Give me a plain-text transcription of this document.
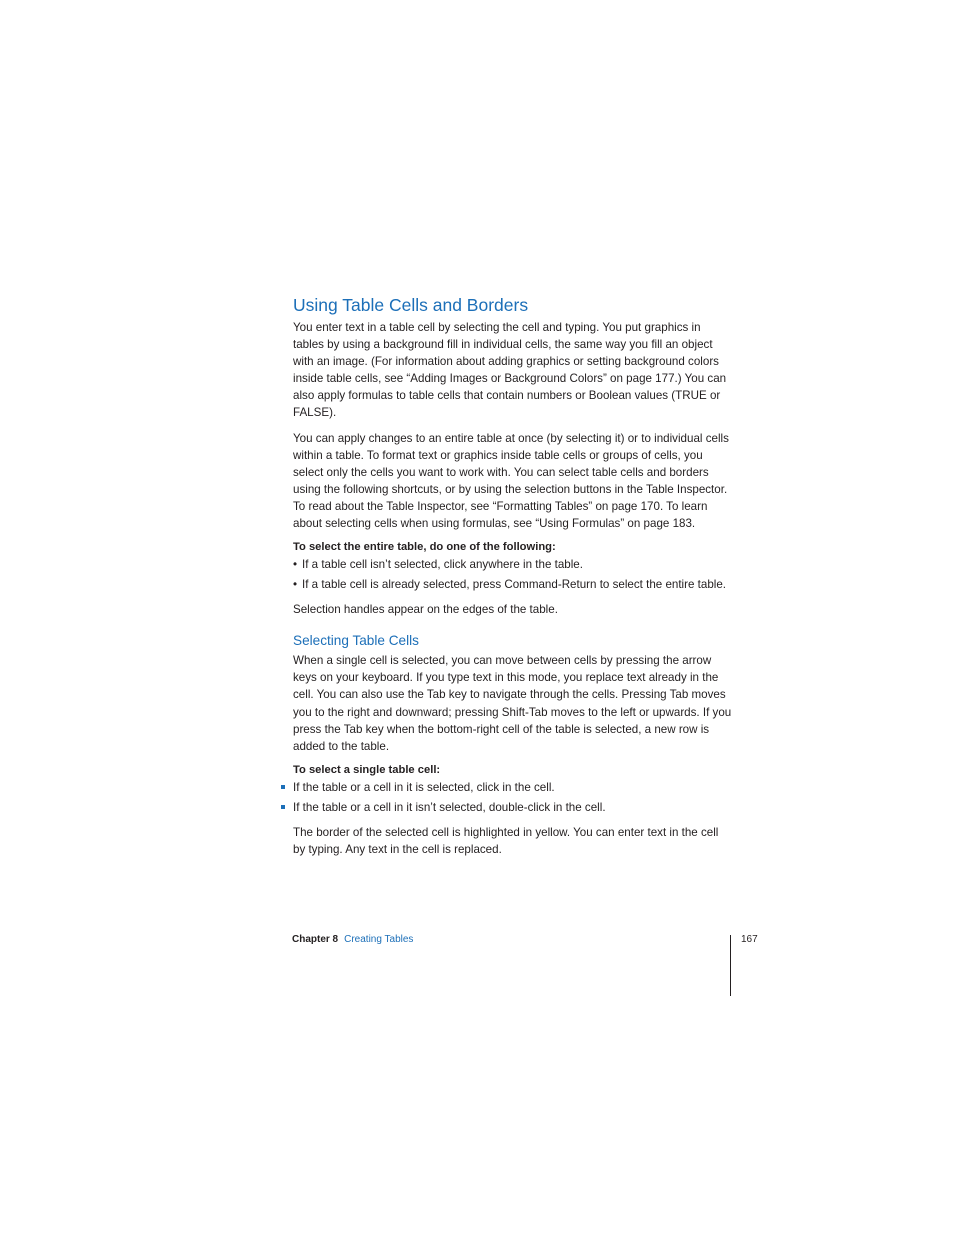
Using Table Cells and Borders

You enter text in a table cell by selecting the cell and typing. You put graphics in tables by using a background fill in individual cells, the same way you fill an object with an image. (For information about adding graphics or setting background colors inside table cells, see “Adding Images or Background Colors” on page 177.) You can also apply formulas to table cells that contain numbers or Boolean values (TRUE or FALSE).

You can apply changes to an entire table at once (by selecting it) or to individual cells within a table. To format text or graphics inside table cells or groups of cells, you select only the cells you want to work with. You can select table cells and borders using the following shortcuts, or by using the selection buttons in the Table Inspector. To read about the Table Inspector, see “Formatting Tables” on page 170. To learn about selecting cells when using formulas, see “Using Formulas” on page 183.

To select the entire table, do one of the following:

• If a table cell isn’t selected, click anywhere in the table.
• If a table cell is already selected, press Command-Return to select the entire table.

Selection handles appear on the edges of the table.

Selecting Table Cells

When a single cell is selected, you can move between cells by pressing the arrow keys on your keyboard. If you type text in this mode, you replace text already in the cell. You can also use the Tab key to navigate through the cells. Pressing Tab moves you to the right and downward; pressing Shift-Tab moves to the left or upwards. If you press the Tab key when the bottom-right cell of the table is selected, a new row is added to the table.

To select a single table cell:

If the table or a cell in it is selected, click in the cell.
If the table or a cell in it isn’t selected, double-click in the cell.

The border of the selected cell is highlighted in yellow. You can enter text in the cell by typing. Any text in the cell is replaced.

Chapter 8 Creating Tables	167
